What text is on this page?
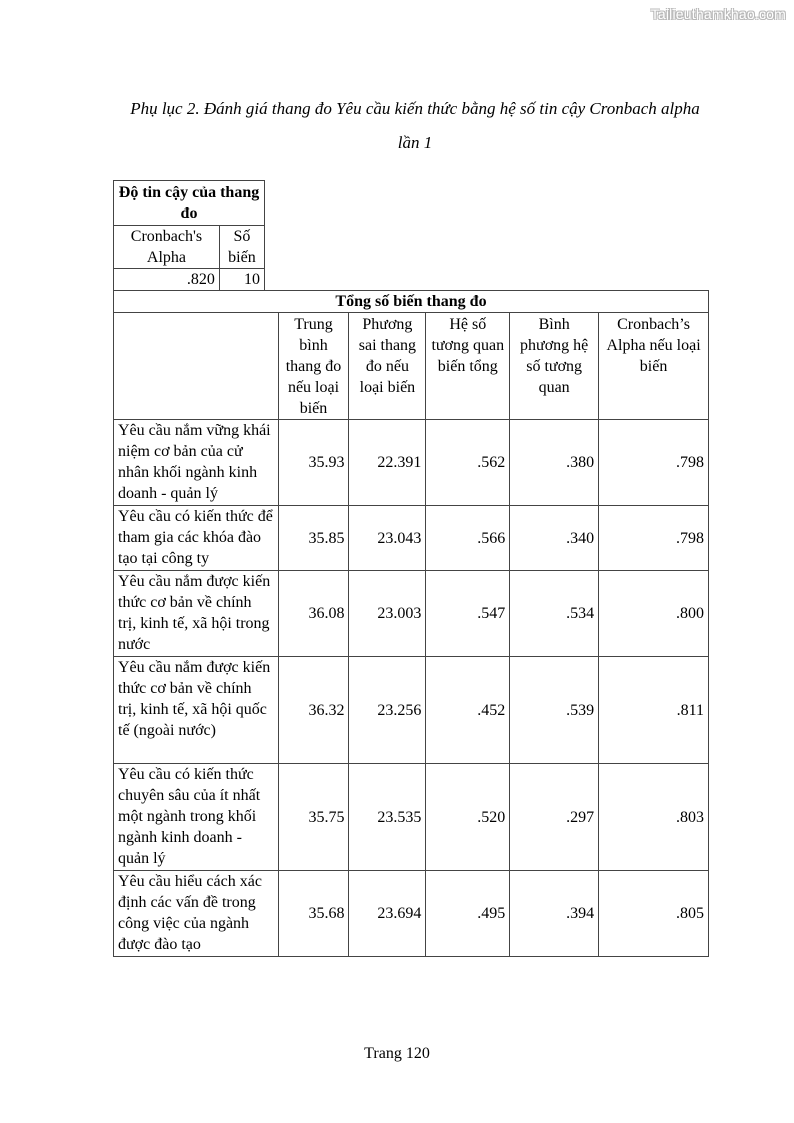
Tailieuthamkhao.com
Phụ lục 2. Đánh giá thang đo Yêu cầu kiến thức bằng hệ số tin cậy Cronbach alpha
lần 1
Độ tin cậy của thang đo	
Cronbach's Alpha	Số biến
.820	10
Tổng số biến thang đo					
	Trung bình thang đo nếu loại biến	Phương sai thang đo nếu loại biến	Hệ số tương quan biến tổng	Bình phương hệ số tương quan	Cronbach’s Alpha nếu loại biến
Yêu cầu nắm vững khái niệm cơ bản của cử nhân khối ngành kinh doanh - quản lý	35.93	22.391	.562	.380	.798
Yêu cầu có kiến thức để tham gia các khóa đào tạo tại công ty	35.85	23.043	.566	.340	.798
Yêu cầu nắm được kiến thức cơ bản về chính trị, kinh tế, xã hội trong nước	36.08	23.003	.547	.534	.800
Yêu cầu nắm được kiến thức cơ bản về chính trị, kinh tế, xã hội quốc tế (ngoài nước)	36.32	23.256	.452	.539	.811
Yêu cầu có kiến thức chuyên sâu của ít nhất một ngành trong khối ngành kinh doanh - quản lý	35.75	23.535	.520	.297	.803
Yêu cầu hiểu cách xác định các vấn đề trong công việc của ngành được đào tạo	35.68	23.694	.495	.394	.805
Trang 120
